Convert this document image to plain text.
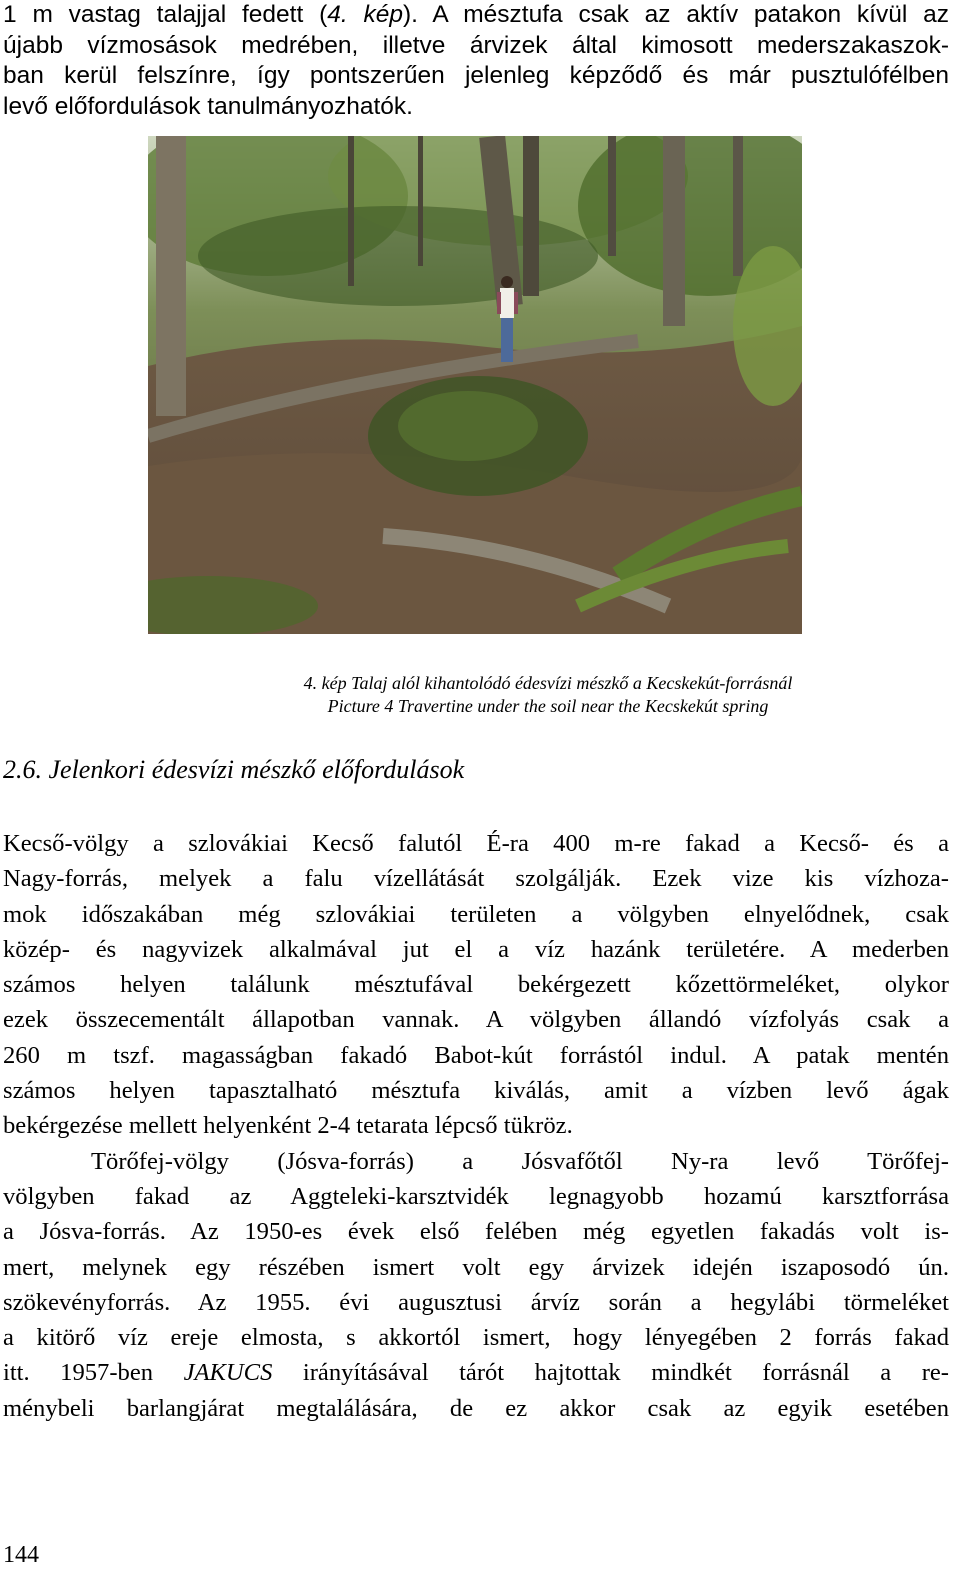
1 m vastag talajjal fedett (4. kép). A mésztufa csak az aktív patakon kívül az
újabb vízmosások medrében, illetve árvizek által kimosott mederszakaszok-
ban kerül felszínre, így pontszerűen jelenleg képződő és már pusztulófélben
levő előfordulások tanulmányozhatók.
4. kép Talaj alól kihantolódó édesvízi mészkő a Kecskekút-forrásnál
Picture 4 Travertine under the soil near the Kecskekút spring
2.6. Jelenkori édesvízi mészkő előfordulások
Kecső-völgy a szlovákiai Kecső falutól É-ra 400 m-re fakad a Kecső- és a
Nagy-forrás, melyek a falu vízellátását szolgálják. Ezek vize kis vízhoza-
mok időszakában még szlovákiai területen a völgyben elnyelődnek, csak
közép- és nagyvizek alkalmával jut el a víz hazánk területére. A mederben
számos helyen találunk mésztufával bekérgezett kőzettörmeléket, olykor
ezek összecementált állapotban vannak. A völgyben állandó vízfolyás csak a
260 m tszf. magasságban fakadó Babot-kút forrástól indul. A patak mentén
számos helyen tapasztalható mésztufa kiválás, amit a vízben levő ágak
bekérgezése mellett helyenként 2-4 tetarata lépcső tükröz.
Törőfej-völgy (Jósva-forrás) a Jósvafőtől Ny-ra levő Törőfej-
völgyben fakad az Aggteleki-karsztvidék legnagyobb hozamú karsztforrása
a Jósva-forrás. Az 1950-es évek első felében még egyetlen fakadás volt is-
mert, melynek egy részében ismert volt egy árvizek idején iszaposodó ún.
szökevényforrás. Az 1955. évi augusztusi árvíz során a hegylábi törmeléket
a kitörő víz ereje elmosta, s akkortól ismert, hogy lényegében 2 forrás fakad
itt. 1957-ben JAKUCS irányításával tárót hajtottak mindkét forrásnál a re-
ménybeli barlangjárat megtalálására, de ez akkor csak az egyik esetében
144
